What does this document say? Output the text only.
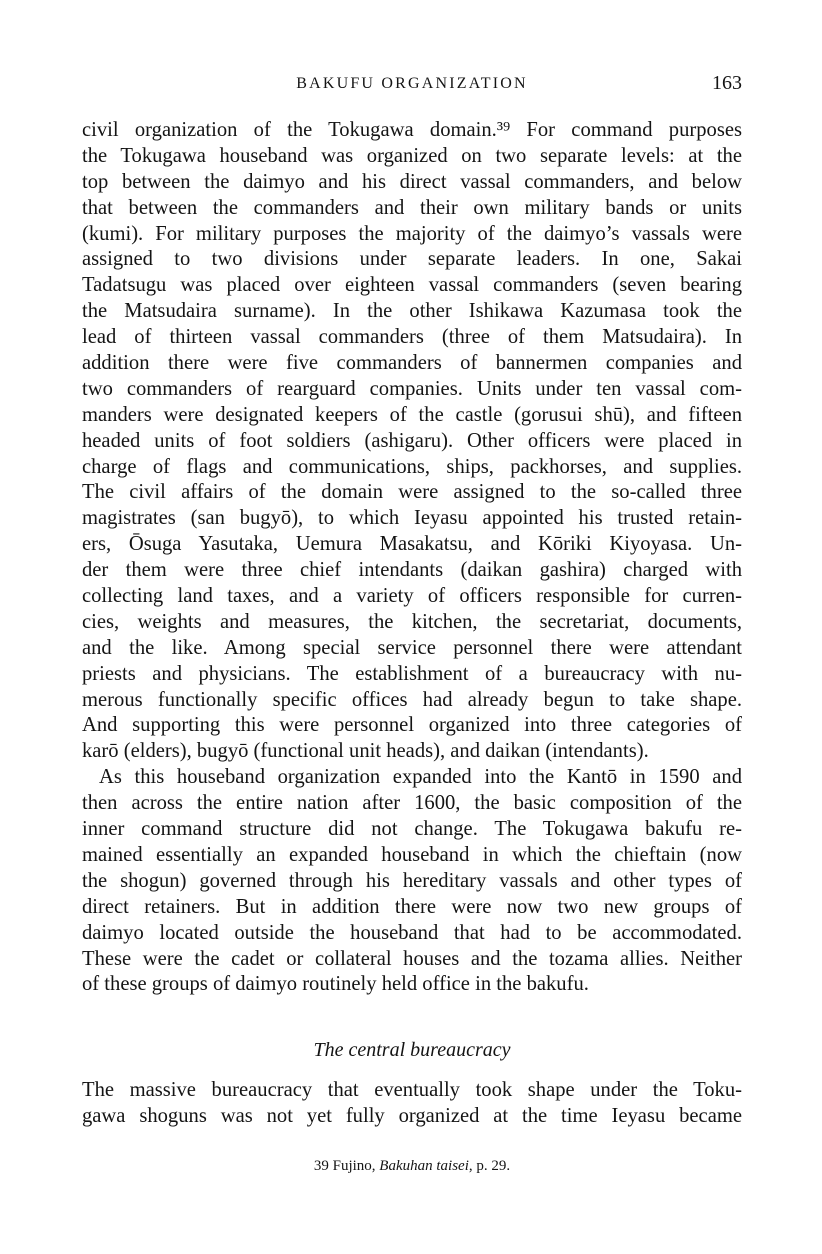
BAKUFU ORGANIZATION	163
civil organization of the Tokugawa domain.³⁹ For command purposes
the Tokugawa houseband was organized on two separate levels: at the
top between the daimyo and his direct vassal commanders, and below
that between the commanders and their own military bands or units
(kumi). For military purposes the majority of the daimyo’s vassals were
assigned to two divisions under separate leaders. In one, Sakai
Tadatsugu was placed over eighteen vassal commanders (seven bearing
the Matsudaira surname). In the other Ishikawa Kazumasa took the
lead of thirteen vassal commanders (three of them Matsudaira). In
addition there were five commanders of bannermen companies and
two commanders of rearguard companies. Units under ten vassal com-
manders were designated keepers of the castle (gorusui shū), and fifteen
headed units of foot soldiers (ashigaru). Other officers were placed in
charge of flags and communications, ships, packhorses, and supplies.
The civil affairs of the domain were assigned to the so-called three
magistrates (san bugyō), to which Ieyasu appointed his trusted retain-
ers, Ōsuga Yasutaka, Uemura Masakatsu, and Kōriki Kiyoyasa. Un-
der them were three chief intendants (daikan gashira) charged with
collecting land taxes, and a variety of officers responsible for curren-
cies, weights and measures, the kitchen, the secretariat, documents,
and the like. Among special service personnel there were attendant
priests and physicians. The establishment of a bureaucracy with nu-
merous functionally specific offices had already begun to take shape.
And supporting this were personnel organized into three categories of
karō (elders), bugyō (functional unit heads), and daikan (intendants).
As this houseband organization expanded into the Kantō in 1590 and
then across the entire nation after 1600, the basic composition of the
inner command structure did not change. The Tokugawa bakufu re-
mained essentially an expanded houseband in which the chieftain (now
the shogun) governed through his hereditary vassals and other types of
direct retainers. But in addition there were now two new groups of
daimyo located outside the houseband that had to be accommodated.
These were the cadet or collateral houses and the tozama allies. Neither
of these groups of daimyo routinely held office in the bakufu.
The central bureaucracy
The massive bureaucracy that eventually took shape under the Toku-
gawa shoguns was not yet fully organized at the time Ieyasu became
39 Fujino, Bakuhan taisei, p. 29.
